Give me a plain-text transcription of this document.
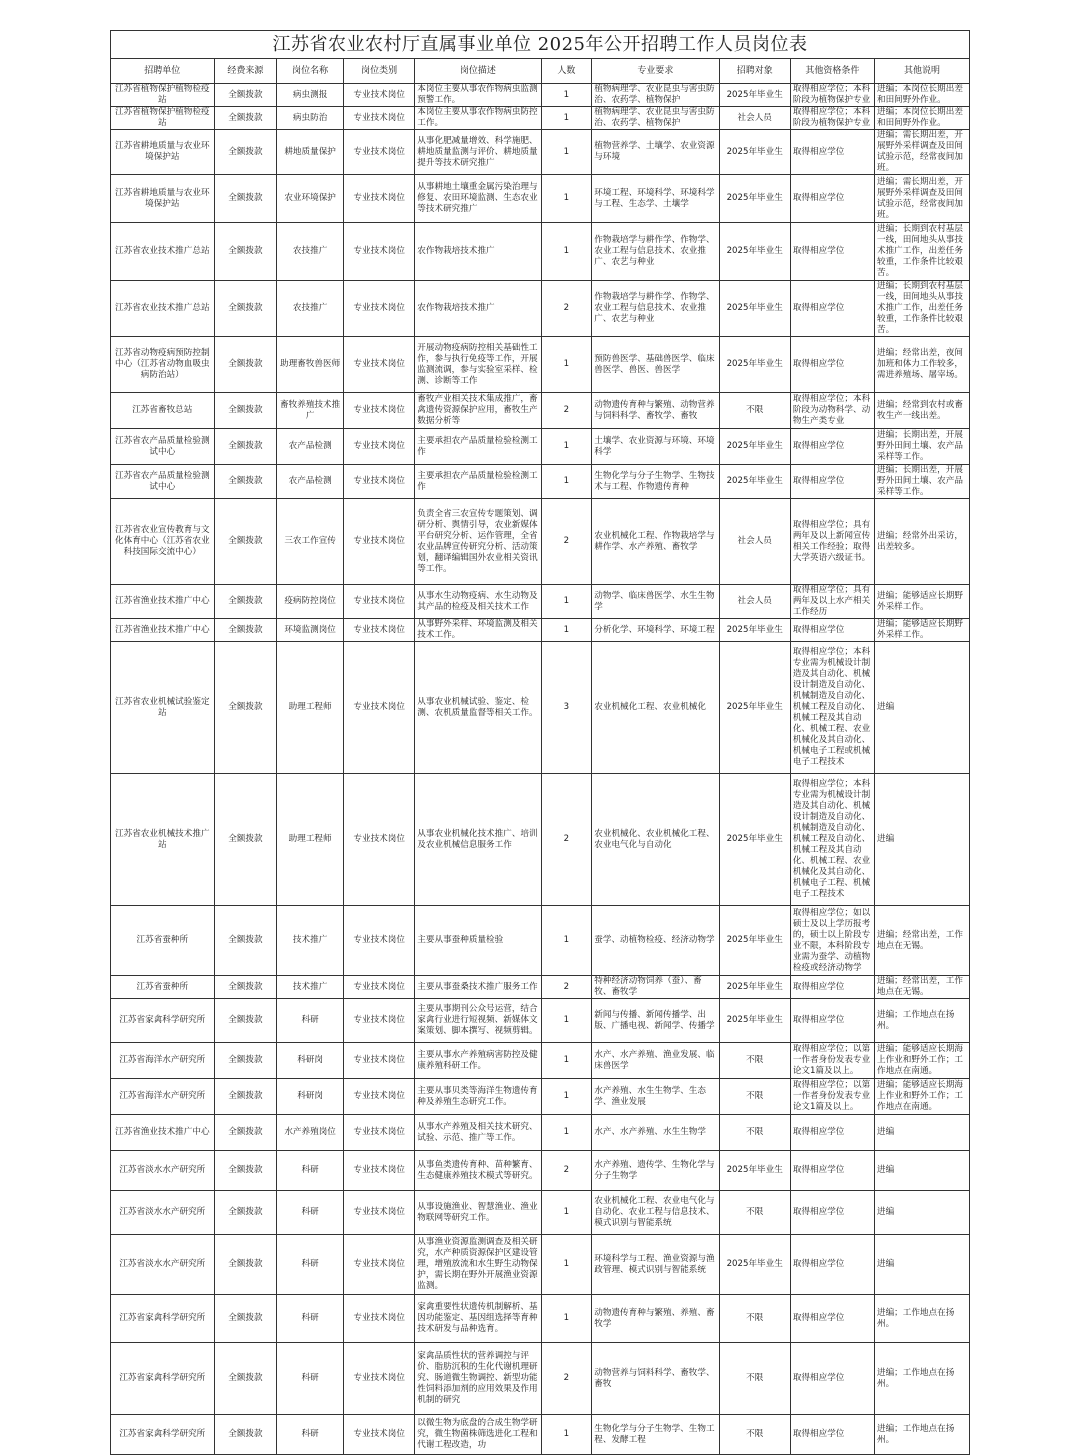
江苏省农业农村厅直属事业单位 2025年公开招聘工作人员岗位表
招聘单位	经费来源	岗位名称	岗位类别	岗位描述	人数	专业要求	招聘对象	其他资格条件	其他说明
江苏省植物保护植物检疫站	全额拨款	病虫测报	专业技术岗位	本岗位主要从事农作物病虫监测预警工作。	1	植物病理学、农业昆虫与害虫防治、农药学、植物保护	2025年毕业生	取得相应学位；本科阶段为植物保护专业	进编；本岗位长期出差和田间野外作业。
江苏省植物保护植物检疫站	全额拨款	病虫防治	专业技术岗位	本岗位主要从事农作物病虫防控工作。	1	植物病理学、农业昆虫与害虫防治、农药学、植物保护	社会人员	取得相应学位；本科阶段为植物保护专业	进编；本岗位长期出差和田间野外作业。
江苏省耕地质量与农业环境保护站	全额拨款	耕地质量保护	专业技术岗位	从事化肥减量增效、科学施肥、耕地质量监测与评价、耕地质量提升等技术研究推广	1	植物营养学、土壤学、农业资源与环境	2025年毕业生	取得相应学位	进编；需长期出差，开展野外采样调查及田间试验示范，经常夜间加班。
江苏省耕地质量与农业环境保护站	全额拨款	农业环境保护	专业技术岗位	从事耕地土壤重金属污染治理与修复、农田环境监测、生态农业等技术研究推广	1	环境工程、环境科学、环境科学与工程、生态学、土壤学	2025年毕业生	取得相应学位	进编；需长期出差，开展野外采样调查及田间试验示范，经常夜间加班。
江苏省农业技术推广总站	全额拨款	农技推广	专业技术岗位	农作物栽培技术推广	1	作物栽培学与耕作学、作物学、农业工程与信息技术、农业推广、农艺与种业	2025年毕业生	取得相应学位	进编；长期到农村基层一线，田间地头从事技术推广工作，出差任务较重，工作条件比较艰苦。
江苏省农业技术推广总站	全额拨款	农技推广	专业技术岗位	农作物栽培技术推广	2	作物栽培学与耕作学、作物学、农业工程与信息技术、农业推广、农艺与种业	2025年毕业生	取得相应学位	进编；长期到农村基层一线，田间地头从事技术推广工作，出差任务较重，工作条件比较艰苦。
江苏省动物疫病预防控制中心（江苏省动物血吸虫病防治站）	全额拨款	助理畜牧兽医师	专业技术岗位	开展动物疫病防控相关基础性工作，参与执行免疫等工作，开展监测流调，参与实验室采样、检测、诊断等工作	1	预防兽医学、基础兽医学、临床兽医学、兽医、兽医学	2025年毕业生	取得相应学位	进编；经常出差，夜间加班和体力工作较多，需进养殖场、屠宰场。
江苏省畜牧总站	全额拨款	畜牧养殖技术推广	专业技术岗位	畜牧产业相关技术集成推广，畜禽遗传资源保护应用，畜牧生产数据分析等	2	动物遗传育种与繁殖、动物营养与饲料科学、畜牧学、畜牧	不限	取得相应学位；本科阶段为动物科学、动物生产类专业	进编；经常到农村或畜牧生产一线出差。
江苏省农产品质量检验测试中心	全额拨款	农产品检测	专业技术岗位	主要承担农产品质量检验检测工作	1	土壤学、农业资源与环境、环境科学	2025年毕业生	取得相应学位	进编；长期出差，开展野外田间土壤、农产品采样等工作。
江苏省农产品质量检验测试中心	全额拨款	农产品检测	专业技术岗位	主要承担农产品质量检验检测工作	1	生物化学与分子生物学、生物技术与工程、作物遗传育种	2025年毕业生	取得相应学位	进编；长期出差，开展野外田间土壤、农产品采样等工作。
江苏省农业宣传教育与文化体育中心（江苏省农业科技国际交流中心）	全额拨款	三农工作宣传	专业技术岗位	负责全省三农宣传专题策划、调研分析、舆情引导，农业新媒体平台研究分析、运作管理，全省农业品牌宣传研究分析、活动策划，翻译编辑国外农业相关资讯等工作。	2	农业机械化工程、作物栽培学与耕作学、水产养殖、畜牧学	社会人员	取得相应学位；具有两年及以上新闻宣传相关工作经验；取得大学英语六级证书。	进编；经常外出采访，出差较多。
江苏省渔业技术推广中心	全额拨款	疫病防控岗位	专业技术岗位	从事水生动物疫病、水生动物及其产品的检疫及相关技术工作	1	动物学、临床兽医学、水生生物学	社会人员	取得相应学位；具有两年及以上水产相关工作经历	进编；能够适应长期野外采样工作。
江苏省渔业技术推广中心	全额拨款	环境监测岗位	专业技术岗位	从事野外采样、环境监测及相关技术工作。	1	分析化学、环境科学、环境工程	2025年毕业生	取得相应学位	进编；能够适应长期野外采样工作。
江苏省农业机械试验鉴定站	全额拨款	助理工程师	专业技术岗位	从事农业机械试验、鉴定、检测、农机质量监督等相关工作。	3	农业机械化工程、农业机械化	2025年毕业生	取得相应学位；本科专业需为机械设计制造及其自动化、机械设计制造及自动化、机械制造及自动化、机械工程及自动化、机械工程及其自动化、机械工程、农业机械化及其自动化、机械电子工程或机械电子工程技术	进编
江苏省农业机械技术推广站	全额拨款	助理工程师	专业技术岗位	从事农业机械化技术推广、培训及农业机械信息服务工作	2	农业机械化、农业机械化工程、农业电气化与自动化	2025年毕业生	取得相应学位；本科专业需为机械设计制造及其自动化、机械设计制造及自动化、机械制造及自动化、机械工程及自动化、机械工程及其自动化、机械工程、农业机械化及其自动化、机械电子工程、机械电子工程技术	进编
江苏省蚕种所	全额拨款	技术推广	专业技术岗位	主要从事蚕种质量检验	1	蚕学、动植物检疫、经济动物学	2025年毕业生	取得相应学位；如以硕士及以上学历报考的，硕士以上阶段专业不限，本科阶段专业需为蚕学、动植物检疫或经济动物学	进编；经常出差，工作地点在无锡。
江苏省蚕种所	全额拨款	技术推广	专业技术岗位	主要从事蚕桑技术推广服务工作	2	特种经济动物饲养（蚕）、畜牧、畜牧学	2025年毕业生	取得相应学位	进编；经常出差，工作地点在无锡。
江苏省家禽科学研究所	全额拨款	科研	专业技术岗位	主要从事期刊公众号运营，结合家禽行业进行短视频、新媒体文案策划、脚本撰写、视频剪辑。	1	新闻与传播、新闻传播学、出版、广播电视、新闻学、传播学	2025年毕业生	取得相应学位	进编；工作地点在扬州。
江苏省海洋水产研究所	全额拨款	科研岗	专业技术岗位	主要从事水产养殖病害防控及健康养殖科研工作。	1	水产、水产养殖、渔业发展、临床兽医学	不限	取得相应学位；以第一作者身份发表专业论文1篇及以上。	进编；能够适应长期海上作业和野外工作；工作地点在南通。
江苏省海洋水产研究所	全额拨款	科研岗	专业技术岗位	主要从事贝类等海洋生物遗传育种及养殖生态研究工作。	1	水产养殖、水生生物学、生态学、渔业发展	不限	取得相应学位；以第一作者身份发表专业论文1篇及以上。	进编；能够适应长期海上作业和野外工作；工作地点在南通。
江苏省渔业技术推广中心	全额拨款	水产养殖岗位	专业技术岗位	从事水产养殖及相关技术研究、试验、示范、推广等工作。	1	水产、水产养殖、水生生物学	不限	取得相应学位	进编
江苏省淡水水产研究所	全额拨款	科研	专业技术岗位	从事鱼类遗传育种、苗种繁育、生态健康养殖技术模式等研究。	2	水产养殖、遗传学、生物化学与分子生物学	2025年毕业生	取得相应学位	进编
江苏省淡水水产研究所	全额拨款	科研	专业技术岗位	从事设施渔业、智慧渔业、渔业物联网等研究工作。	1	农业机械化工程、农业电气化与自动化、农业工程与信息技术、模式识别与智能系统	不限	取得相应学位	进编
江苏省淡水水产研究所	全额拨款	科研	专业技术岗位	从事渔业资源监测调查及相关研究，水产种质资源保护区建设管理，增殖放流和水生野生动物保护，需长期在野外开展渔业资源监测。	1	环境科学与工程、渔业资源与渔政管理、模式识别与智能系统	2025年毕业生	取得相应学位	进编
江苏省家禽科学研究所	全额拨款	科研	专业技术岗位	家禽重要性状遗传机制解析、基因功能鉴定、基因组选择等育种技术研发与品种选育。	1	动物遗传育种与繁殖、养殖、畜牧学	不限	取得相应学位	进编；工作地点在扬州。
江苏省家禽科学研究所	全额拨款	科研	专业技术岗位	家禽品质性状的营养调控与评价、脂肪沉积的生化代谢机理研究、肠道微生物调控、新型功能性饲料添加剂的应用效果及作用机制的研究	2	动物营养与饲料科学、畜牧学、畜牧	不限	取得相应学位	进编；工作地点在扬州。
江苏省家禽科学研究所	全额拨款	科研	专业技术岗位	以微生物为底盘的合成生物学研究，微生物菌株筛选进化工程和代谢工程改造，功	1	生物化学与分子生物学、生物工程、发酵工程	不限	取得相应学位	进编；工作地点在扬州。
